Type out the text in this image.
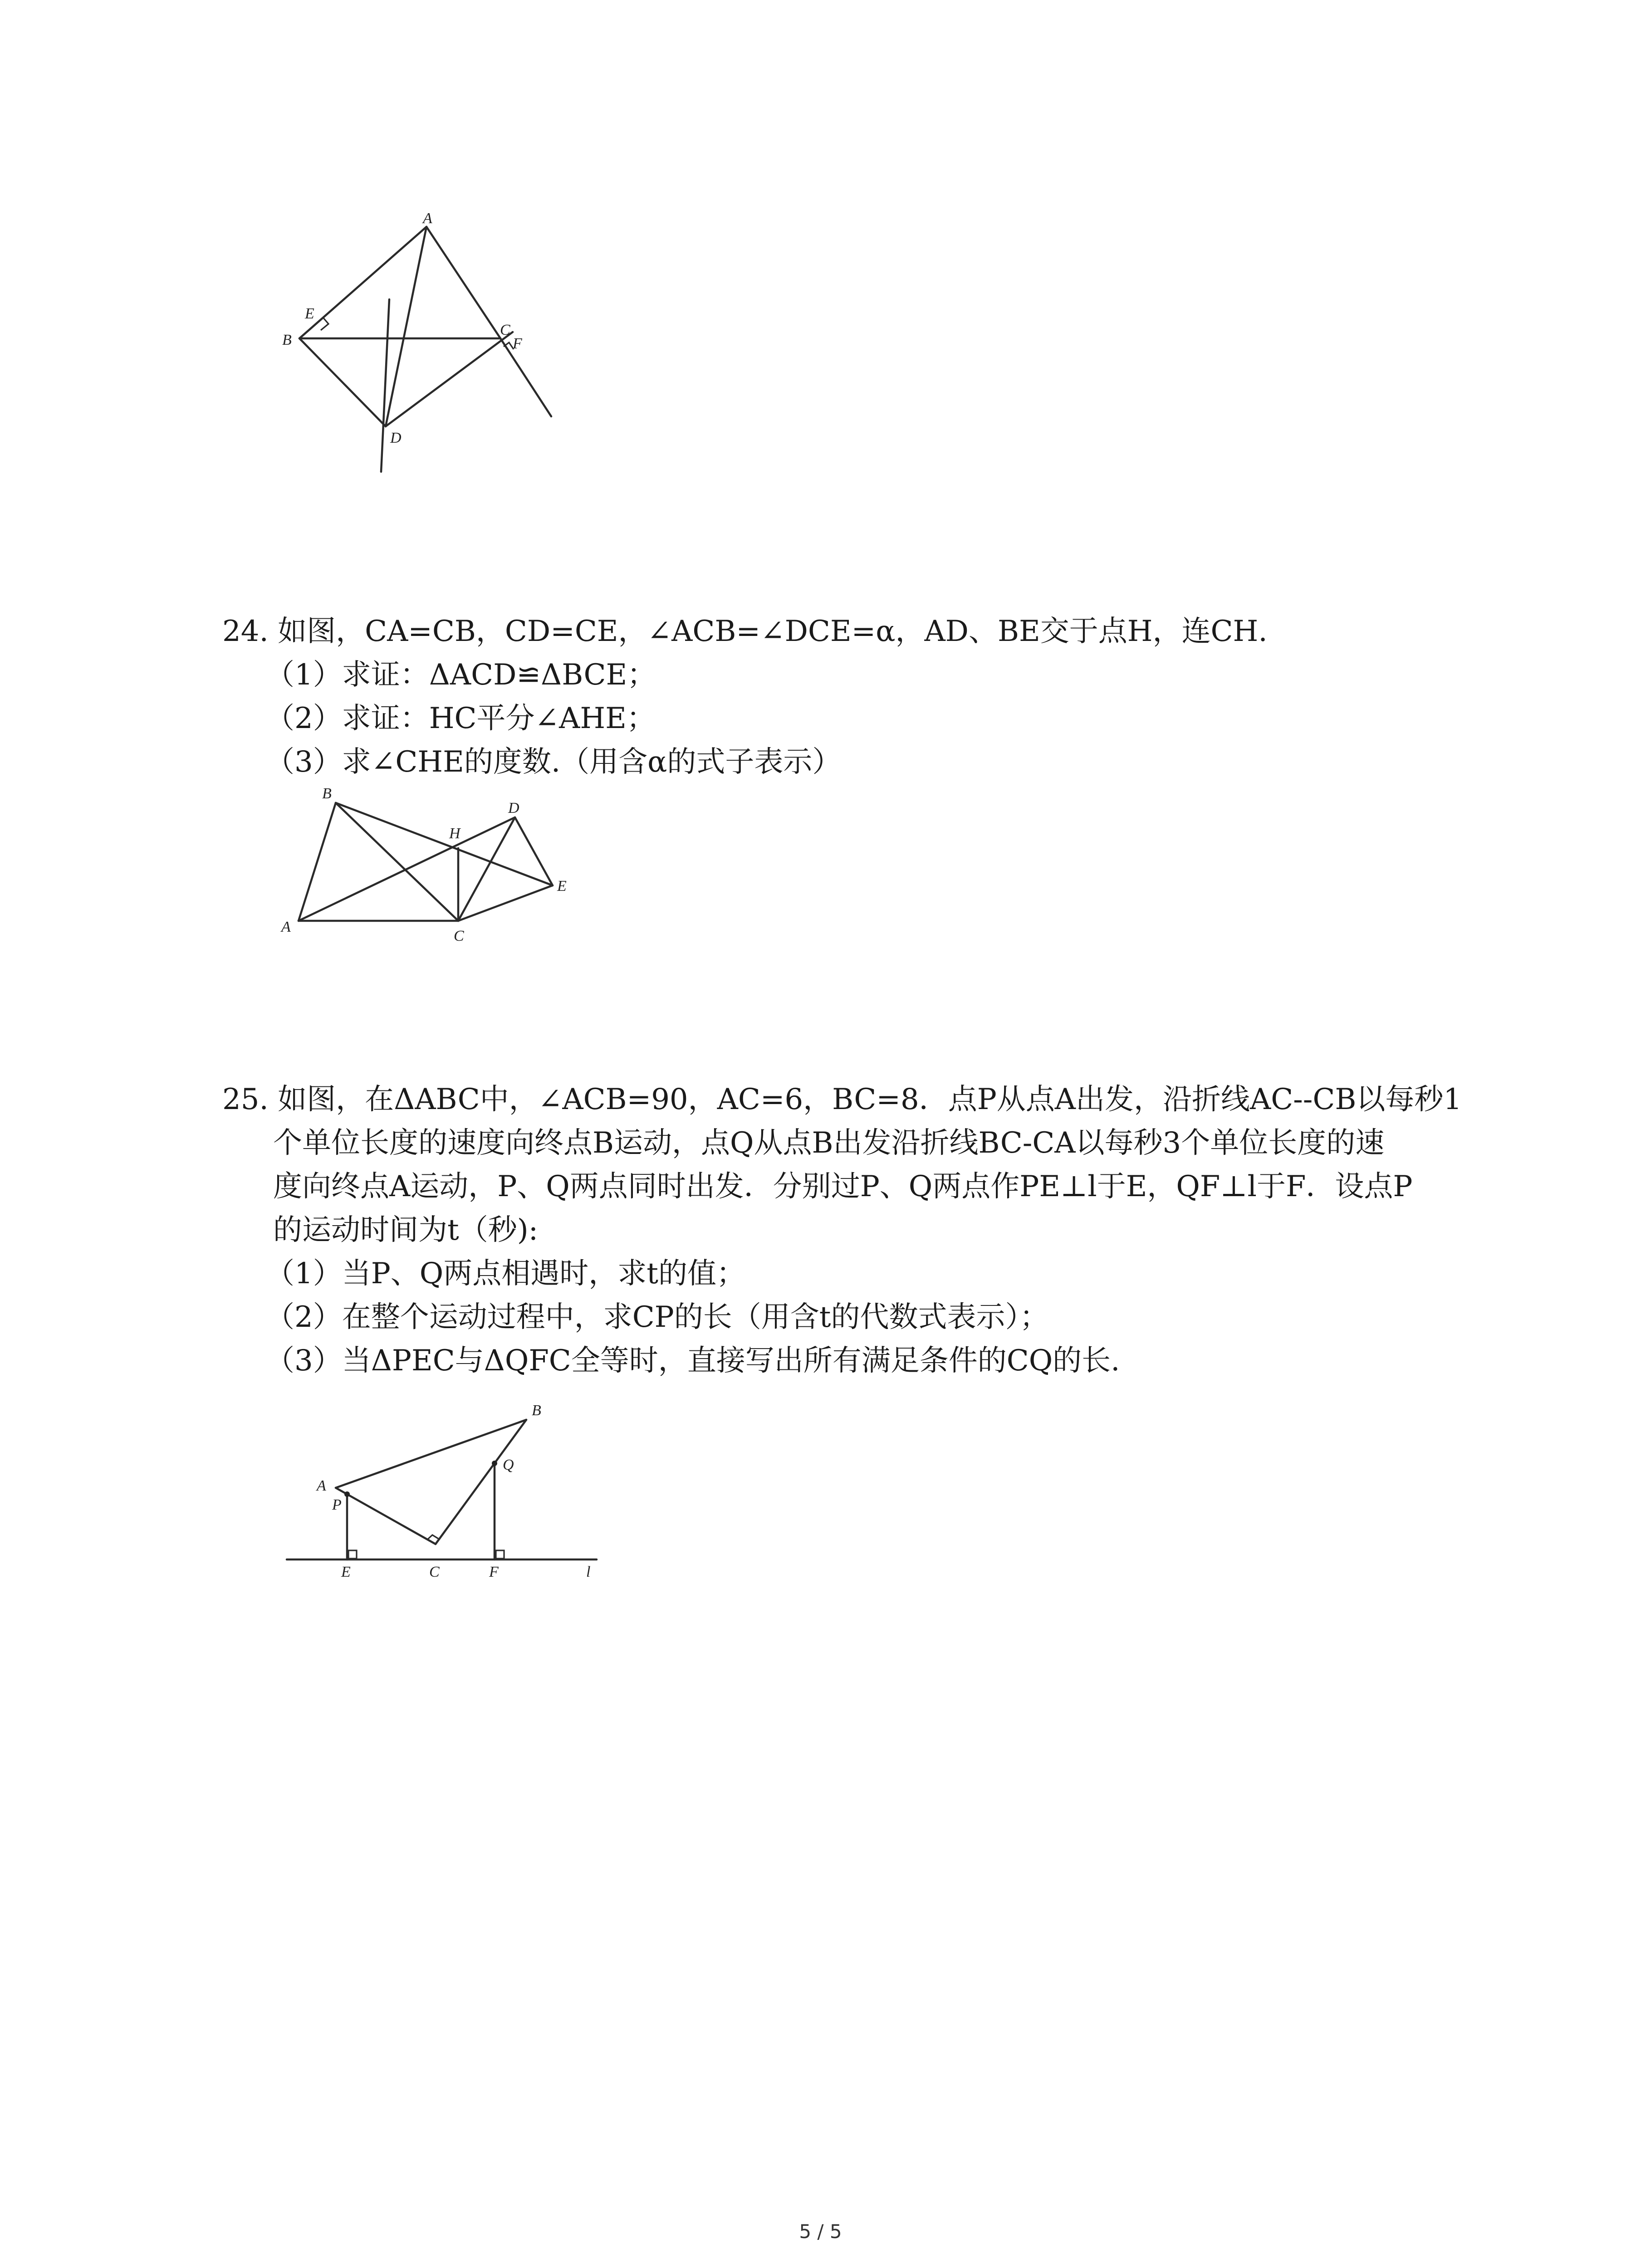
A
B
C
D
E
F

24. 如图，CA=CB，CD=CE，∠ACB=∠DCE=α，AD、BE交于点H，连CH.

（1）求证：ΔACD≌ΔBCE；

（2）求证：HC平分∠AHE；

（3）求∠CHE的度数.（用含α的式子表示）

A
B
C
D
E
H

25. 如图，在ΔABC中，∠ACB=90，AC=6，BC=8．点P从点A出发，沿折线AC--CB以每秒1

个单位长度的速度向终点B运动，点Q从点B出发沿折线BC-CA以每秒3个单位长度的速

度向终点A运动，P、Q两点同时出发．分别过P、Q两点作PE⊥l于E，QF⊥l于F．设点P

的运动时间为t（秒):

（1）当P、Q两点相遇时，求t的值；

（2）在整个运动过程中，求CP的长（用含t的代数式表示）；

（3）当ΔPEC与ΔQFC全等时，直接写出所有满足条件的CQ的长.

A
B
C
E	F
P
Q
l
5 / 5
